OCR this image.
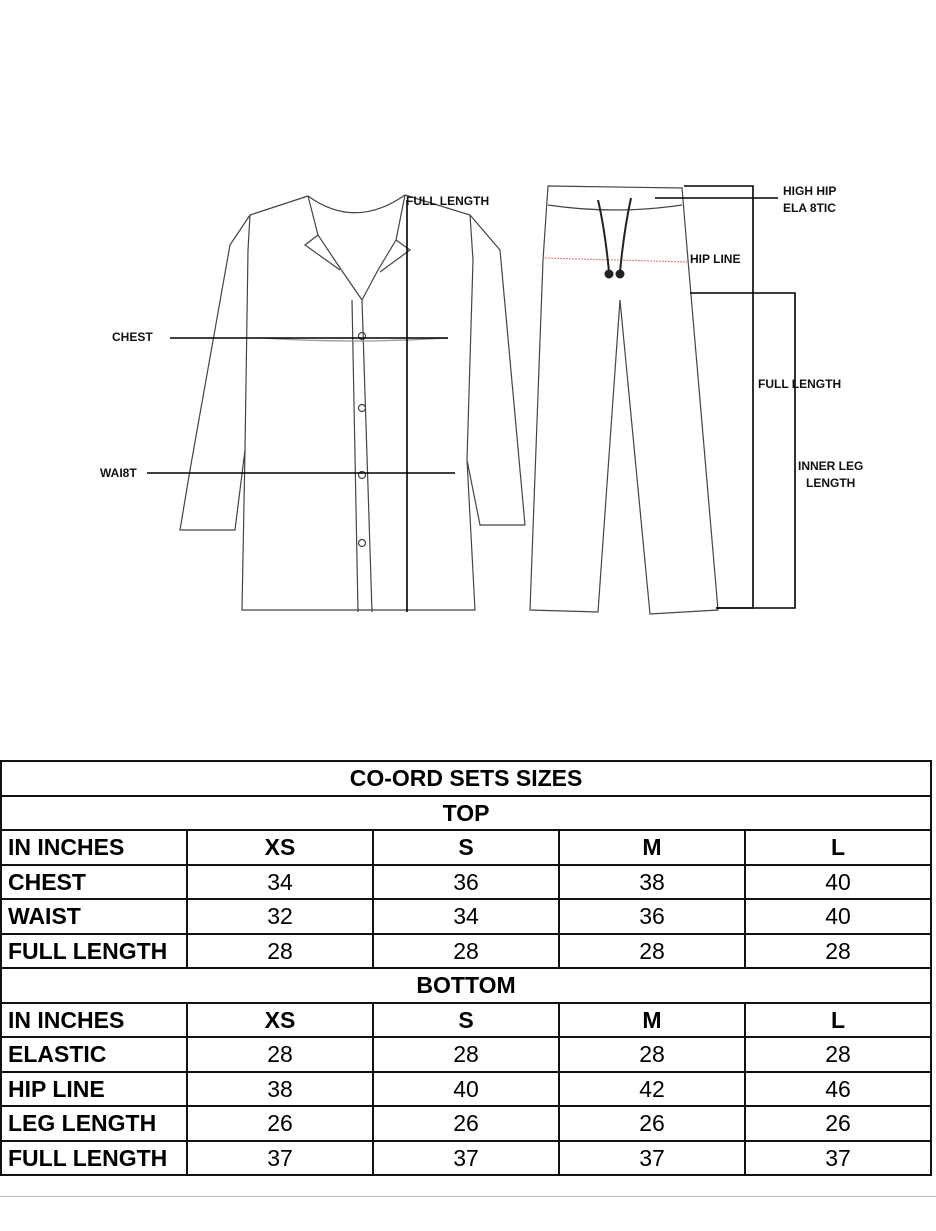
FULL LENGTH
CHEST
WAI8T
HIGH HIP
ELA 8TIC
HIP LINE
FULL LENGTH
INNER LEG
LENGTH
CO-ORD SETS SIZES				
TOP				
IN INCHES	XS	S	M	L
CHEST	34	36	38	40
WAIST	32	34	36	40
FULL LENGTH	28	28	28	28
BOTTOM				
IN INCHES	XS	S	M	L
ELASTIC	28	28	28	28
HIP LINE	38	40	42	46
LEG LENGTH	26	26	26	26
FULL LENGTH	37	37	37	37
